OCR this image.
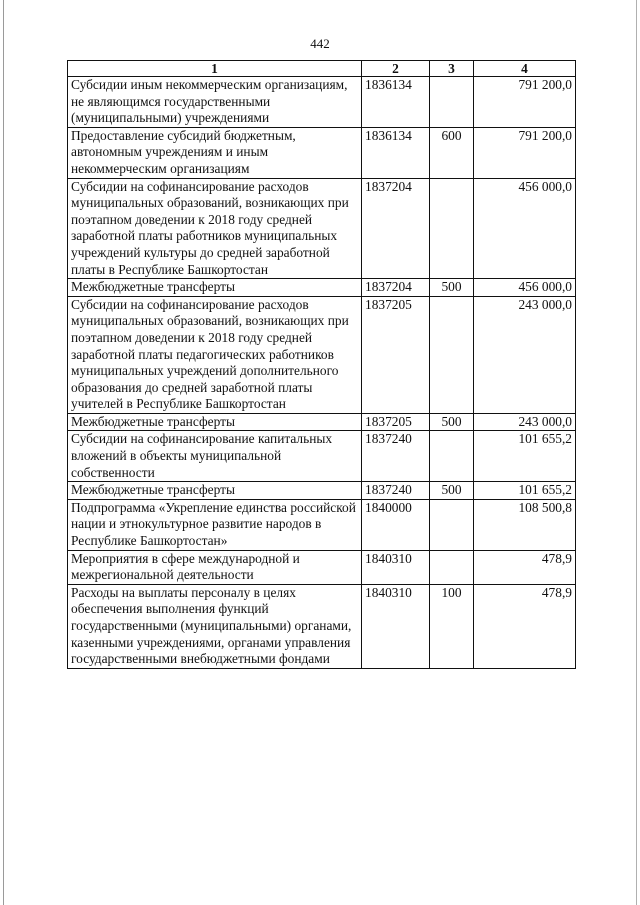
442
1	2	3	4
Субсидии иным некоммерческим организациям, не являющимся государственными (муниципальными) учреждениями	1836134		791 200,0
Предоставление субсидий бюджетным, автономным учреждениям и иным некоммерческим организациям	1836134	600	791 200,0
Субсидии на софинансирование расходов муниципальных образований, возникающих при поэтапном доведении к 2018 году средней заработной платы работников муниципальных учреждений культуры до средней заработной платы в Республике Башкортостан	1837204		456 000,0
Межбюджетные трансферты	1837204	500	456 000,0
Субсидии на софинансирование расходов муниципальных образований, возникающих при поэтапном доведении к 2018 году средней заработной платы педагогических работников муниципальных учреждений дополнительного образования до средней заработной платы учителей в Республике Башкортостан	1837205		243 000,0
Межбюджетные трансферты	1837205	500	243 000,0
Субсидии на софинансирование капитальных вложений в объекты муниципальной собственности	1837240		101 655,2
Межбюджетные трансферты	1837240	500	101 655,2
Подпрограмма «Укрепление единства российской нации и этнокультурное развитие народов в Республике Башкортостан»	1840000		108 500,8
Мероприятия в сфере международной и межрегиональной деятельности	1840310		478,9
Расходы на выплаты персоналу в целях обеспечения выполнения функций государственными (муниципальными) органами, казенными учреждениями, органами управления государственными внебюджетными фондами	1840310	100	478,9
